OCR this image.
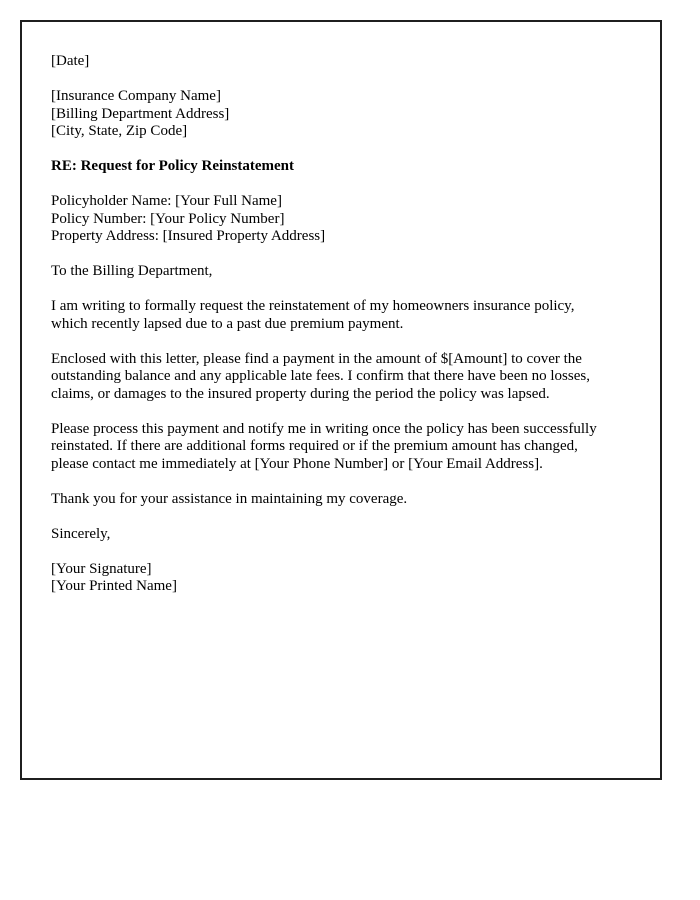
[Date]
[Insurance Company Name]
[Billing Department Address]
[City, State, Zip Code]
RE: Request for Policy Reinstatement
Policyholder Name: [Your Full Name]
Policy Number: [Your Policy Number]
Property Address: [Insured Property Address]
To the Billing Department,

I am writing to formally request the reinstatement of my homeowners insurance policy, which recently lapsed due to a past due premium payment.

Enclosed with this letter, please find a payment in the amount of $[Amount] to cover the outstanding balance and any applicable late fees. I confirm that there have been no losses, claims, or damages to the insured property during the period the policy was lapsed.

Please process this payment and notify me in writing once the policy has been successfully reinstated. If there are additional forms required or if the premium amount has changed, please contact me immediately at [Your Phone Number] or [Your Email Address].

Thank you for your assistance in maintaining my coverage.

Sincerely,
[Your Signature]
[Your Printed Name]
